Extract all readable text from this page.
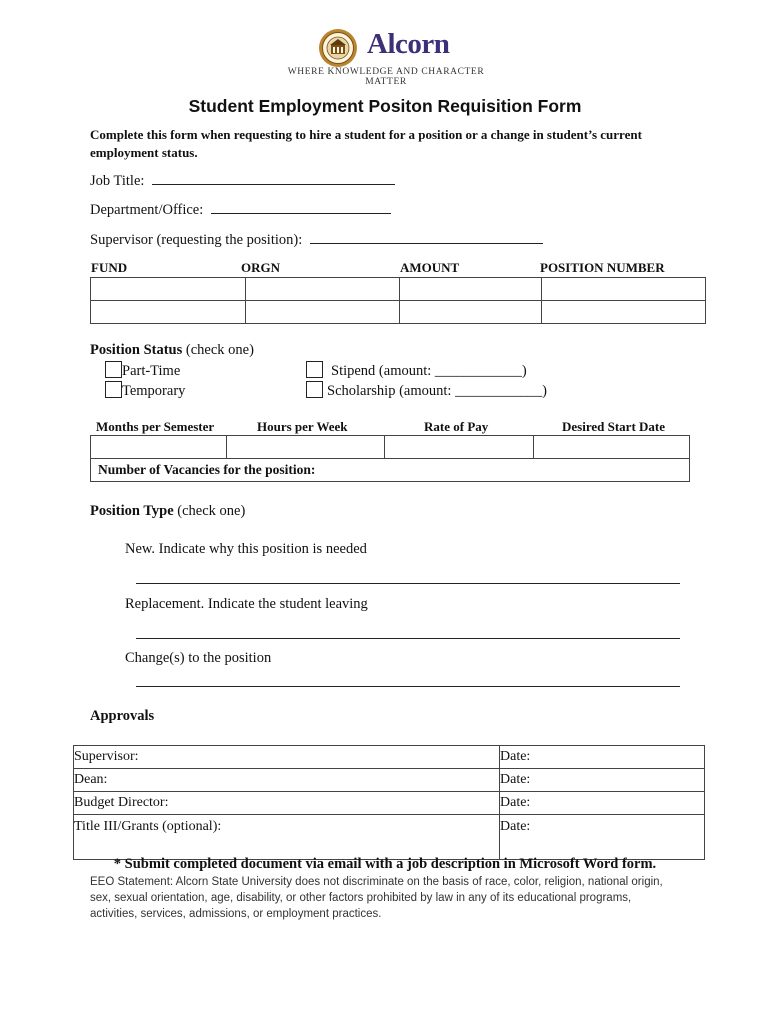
Alcorn
WHERE KNOWLEDGE AND CHARACTER MATTER
Student Employment Positon Requisition Form
Complete this form when requesting to hire a student for a position or a change in student’s current employment status.
Job Title:
Department/Office:
Supervisor (requesting the position):
FUND	ORGN	AMOUNT	POSITION NUMBER

Position Status (check one)
Part-Time
Temporary
Stipend (amount: ____________)
Scholarship (amount: ____________)
Months per Semester	Hours per Week	Rate of Pay	Desired Start Date

Number of Vacancies for the position:
Position Type (check one)
New. Indicate why this position is needed
Replacement. Indicate the student leaving
Change(s) to the position
Approvals
Supervisor:	Date:
Dean:	Date:
Budget Director:	Date:
Title III/Grants (optional):	Date:
* Submit completed document via email with a job description in Microsoft Word form.
EEO Statement: Alcorn State University does not discriminate on the basis of race, color, religion, national origin, sex, sexual orientation, age, disability, or other factors prohibited by law in any of its educational programs, activities, services, admissions, or employment practices.
